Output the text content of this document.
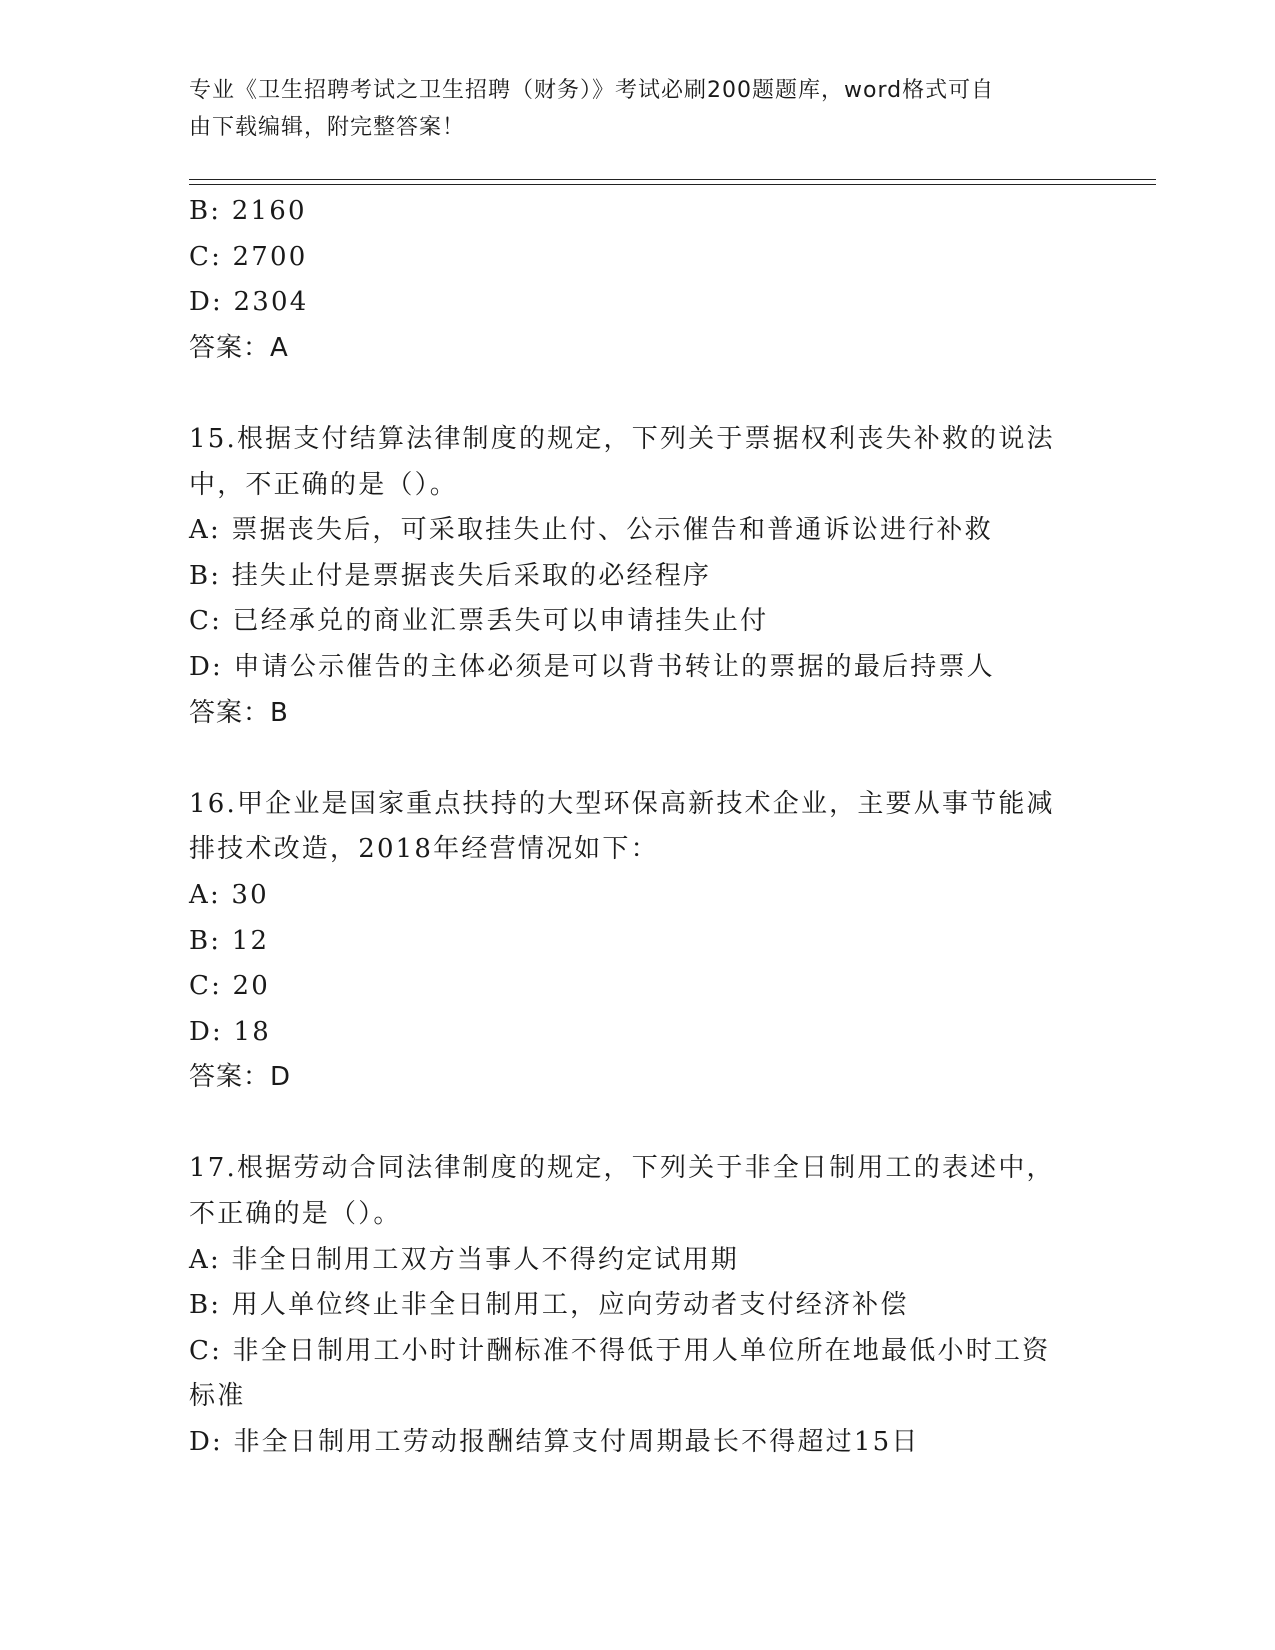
专业《卫生招聘考试之卫生招聘（财务）》考试必刷200题题库，word格式可自
由下载编辑，附完整答案！
B: 2160
C: 2700
D: 2304
答案：A
15.根据支付结算法律制度的规定，下列关于票据权利丧失补救的说法
中，不正确的是（）。
A: 票据丧失后，可采取挂失止付、公示催告和普通诉讼进行补救
B: 挂失止付是票据丧失后采取的必经程序
C: 已经承兑的商业汇票丢失可以申请挂失止付
D: 申请公示催告的主体必须是可以背书转让的票据的最后持票人
答案：B
16.甲企业是国家重点扶持的大型环保高新技术企业，主要从事节能减
排技术改造，2018年经营情况如下：
A: 30
B: 12
C: 20
D: 18
答案：D
17.根据劳动合同法律制度的规定，下列关于非全日制用工的表述中，
不正确的是（）。
A: 非全日制用工双方当事人不得约定试用期
B: 用人单位终止非全日制用工，应向劳动者支付经济补偿
C: 非全日制用工小时计酬标准不得低于用人单位所在地最低小时工资
标准
D: 非全日制用工劳动报酬结算支付周期最长不得超过15日
